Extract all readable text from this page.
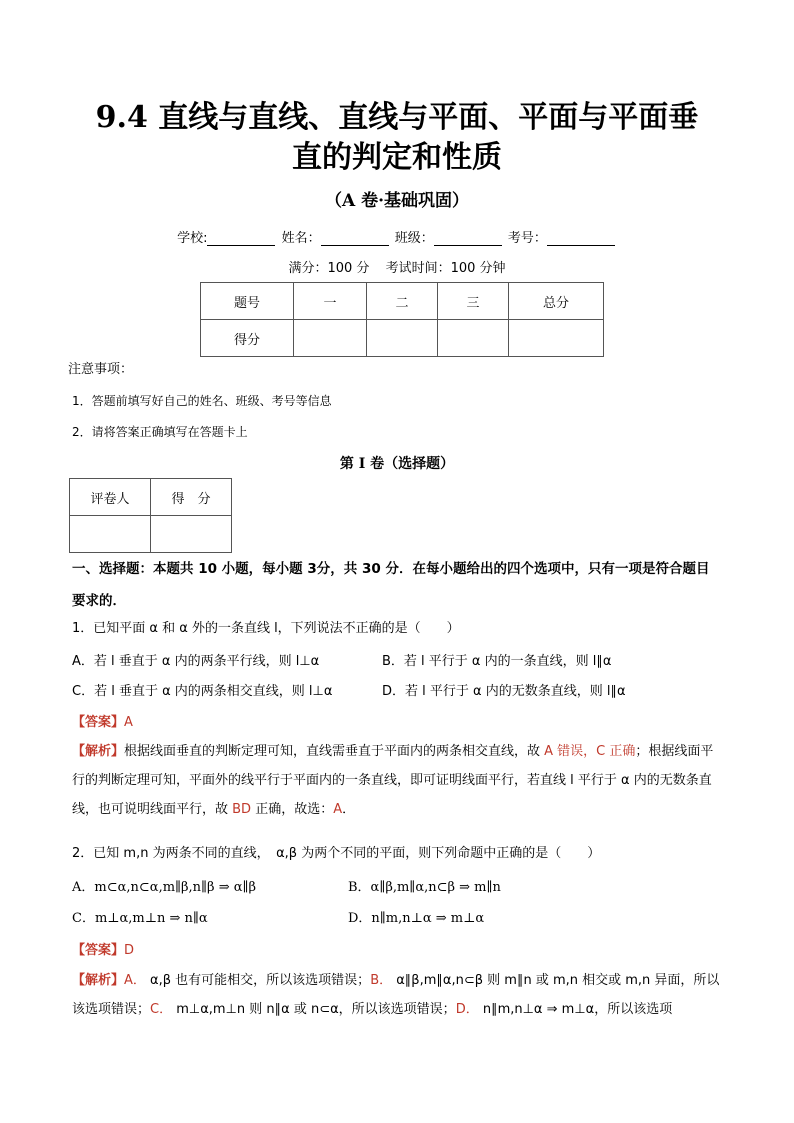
9.4 直线与直线、直线与平面、平面与平面垂
直的判定和性质
（A 卷·基础巩固）
学校:	姓名：	班级：	考号：
满分：100 分 考试时间：100 分钟
题号	一	二	三	总分
得分				
注意事项：
1．答题前填写好自己的姓名、班级、考号等信息
2．请将答案正确填写在答题卡上
第 I 卷（选择题）
评卷人	得　分

一、选择题：本题共 10 小题，每小题 3分，共 30 分．在每小题给出的四个选项中，只有一项是符合题目要求的．
1．已知平面 α 和 α 外的一条直线 l，下列说法不正确的是（　　）
A．若 l 垂直于 α 内的两条平行线，则 l⊥α	B．若 l 平行于 α 内的一条直线，则 l∥α
C．若 l 垂直于 α 内的两条相交直线，则 l⊥α	D．若 l 平行于 α 内的无数条直线，则 l∥α
【答案】A
【解析】根据线面垂直的判断定理可知，直线需垂直于平面内的两条相交直线，故 A 错误，C 正确；根据线面平行的判断定理可知，平面外的线平行于平面内的一条直线，即可证明线面平行，若直线 l 平行于 α 内的无数条直线，也可说明线面平行，故 BD 正确，故选：A．
2．已知 m,n 为两条不同的直线，　α,β 为两个不同的平面，则下列命题中正确的是（　　）
A．m⊂α,n⊂α,m∥β,n∥β ⇒ α∥β	B．α∥β,m∥α,n⊂β ⇒ m∥n
C．m⊥α,m⊥n ⇒ n∥α	D．n∥m,n⊥α ⇒ m⊥α
【答案】D
【解析】A． α,β 也有可能相交，所以该选项错误；B． α∥β,m∥α,n⊂β 则 m∥n 或 m,n 相交或 m,n 异面，所以该选项错误；C． m⊥α,m⊥n 则 n∥α 或 n⊂α，所以该选项错误；D． n∥m,n⊥α ⇒ m⊥α，所以该选项
